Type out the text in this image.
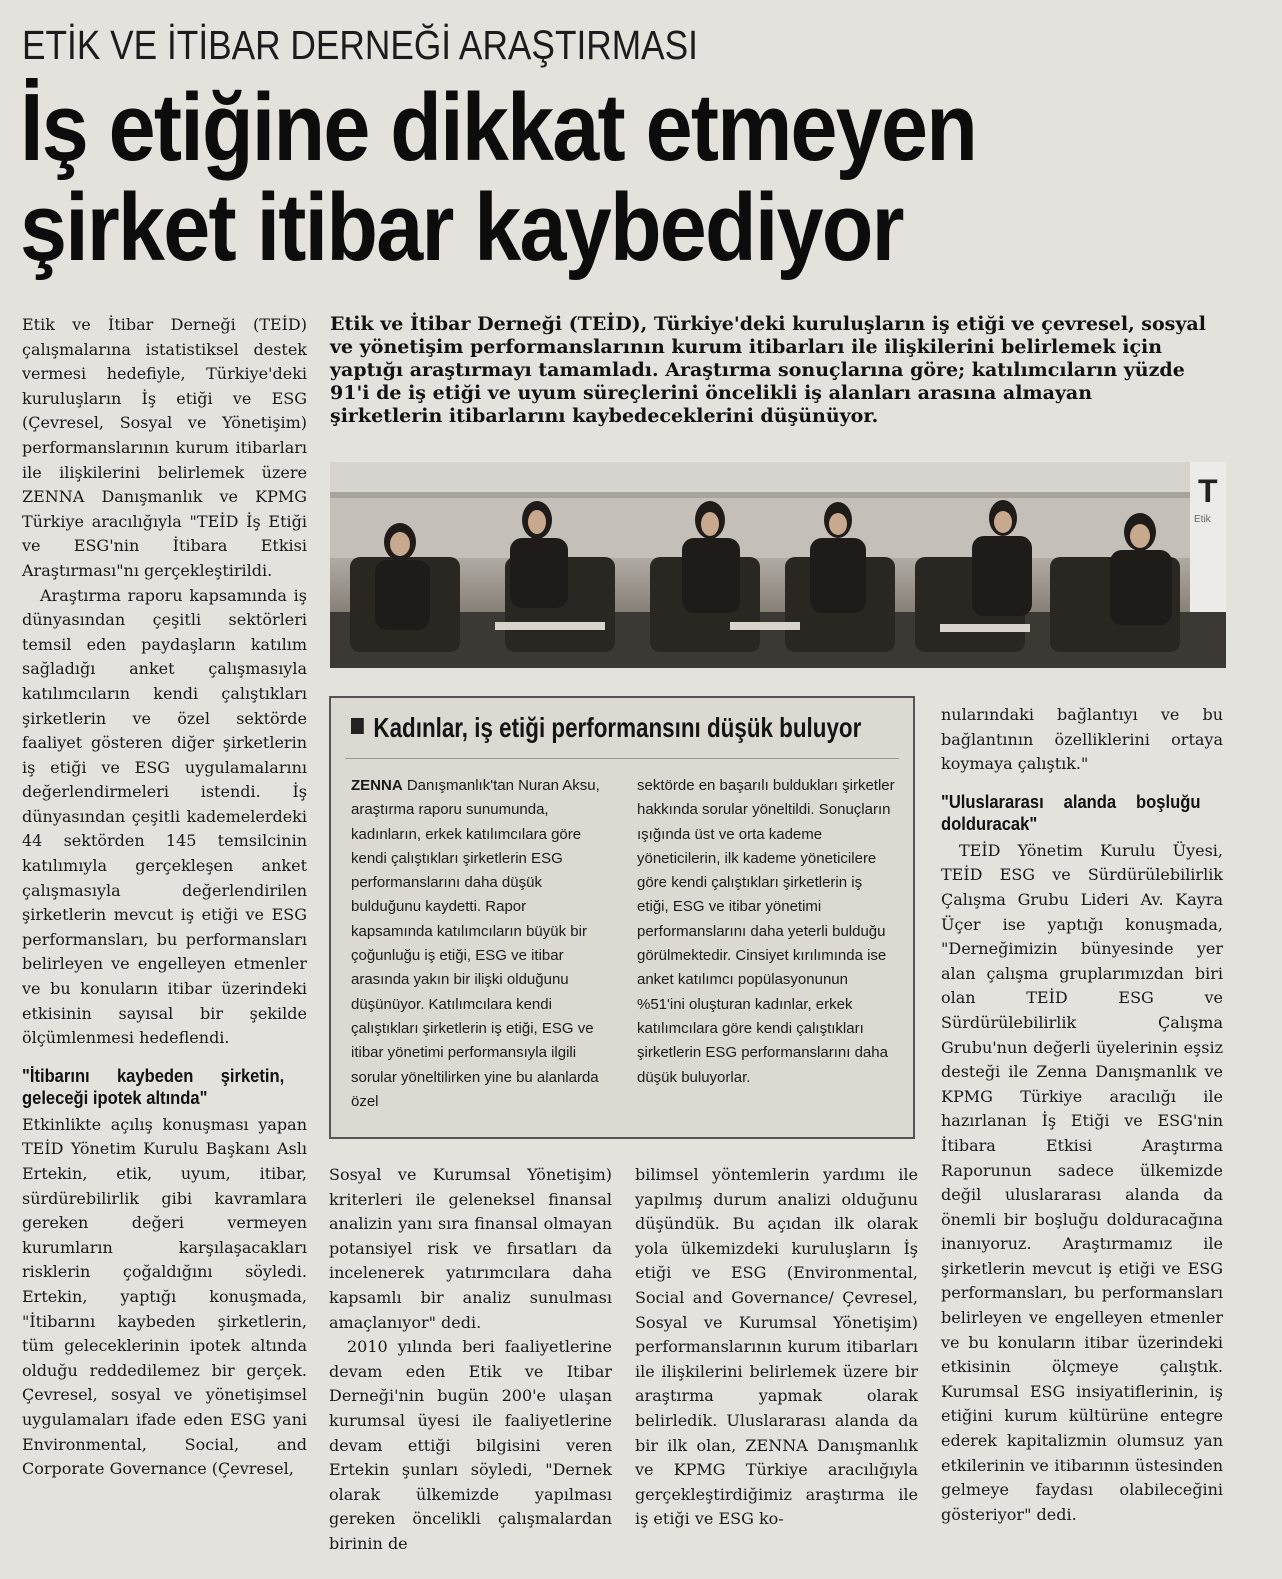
ETİK VE İTİBAR DERNEĞİ ARAŞTIRMASI
İş etiğine dikkat etmeyen
şirket itibar kaybediyor

Etik ve İtibar Derneği (TEİD) çalışmalarına istatistiksel destek vermesi hedefiyle, Türkiye'deki kuruluşların İş etiği ve ESG (Çevresel, Sosyal ve Yönetişim) performanslarının kurum itibarları ile ilişkilerini belirlemek üzere ZENNA Danışmanlık ve KPMG Türkiye aracılığıyla "TEİD İş Etiği ve ESG'nin İtibara Etkisi Araştırması"nı gerçekleştirildi.

Araştırma raporu kapsamında iş dünyasından çeşitli sektörleri temsil eden paydaşların katılım sağladığı anket çalışmasıyla katılımcıların kendi çalıştıkları şirketlerin ve özel sektörde faaliyet gösteren diğer şirketlerin iş etiği ve ESG uygulamalarını değerlendirmeleri istendi. İş dünyasından çeşitli kademelerdeki 44 sektörden 145 temsilcinin katılımıyla gerçekleşen anket çalışmasıyla değerlendirilen şirketlerin mevcut iş etiği ve ESG performansları, bu performansları belirleyen ve engelleyen etmenler ve bu konuların itibar üzerindeki etkisinin sayısal bir şekilde ölçümlenmesi hedeflendi.

"İtibarını kaybeden şirketin, geleceği ipotek altında"

Etkinlikte açılış konuşması yapan TEİD Yönetim Kurulu Başkanı Aslı Ertekin, etik, uyum, itibar, sürdürebilirlik gibi kavramlara gereken değeri vermeyen kurumların karşılaşacakları risklerin çoğaldığını söyledi. Ertekin, yaptığı konuşmada, "İtibarını kaybeden şirketlerin, tüm geleceklerinin ipotek altında olduğu reddedilemez bir gerçek. Çevresel, sosyal ve yönetişimsel uygulamaları ifade eden ESG yani Environmental, Social, and Corporate Governance (Çevresel,

Etik ve İtibar Derneği (TEİD), Türkiye'deki kuruluşların iş etiği ve çevresel, sosyal ve yönetişim performanslarının kurum itibarları ile ilişkilerini belirlemek için yaptığı araştırmayı tamamladı. Araştırma sonuçlarına göre; katılımcıların yüzde 91'i de iş etiği ve uyum süreçlerini öncelikli iş alanları arasına almayan şirketlerin itibarlarını kaybedeceklerini düşünüyor.
T
Etik
Kadınlar, iş etiği performansını düşük buluyor

ZENNA Danışmanlık'tan Nuran Aksu, araştırma raporu sunumunda, kadınların, erkek katılımcılara göre kendi çalıştıkları şirketlerin ESG performanslarını daha düşük bulduğunu kaydetti. Rapor kapsamında katılımcıların büyük bir çoğunluğu iş etiği, ESG ve itibar arasında yakın bir ilişki olduğunu düşünüyor. Katılımcılara kendi çalıştıkları şirketlerin iş etiği, ESG ve itibar yönetimi performansıyla ilgili sorular yöneltilirken yine bu alanlarda özel

sektörde en başarılı buldukları şirketler hakkında sorular yöneltildi. Sonuçların ışığında üst ve orta kademe yöneticilerin, ilk kademe yöneticilere göre kendi çalıştıkları şirketlerin iş etiği, ESG ve itibar yönetimi performanslarını daha yeterli bulduğu görülmektedir. Cinsiyet kırılımında ise anket katılımcı popülasyonunun %51'ini oluşturan kadınlar, erkek katılımcılara göre kendi çalıştıkları şirketlerin ESG performanslarını daha düşük buluyorlar.

nularındaki bağlantıyı ve bu bağlantının özelliklerini ortaya koymaya çalıştık."

"Uluslararası alanda boşluğu dolduracak"

TEİD Yönetim Kurulu Üyesi, TEİD ESG ve Sürdürülebilirlik Çalışma Grubu Lideri Av. Kayra Üçer ise yaptığı konuşmada, "Derneğimizin bünyesinde yer alan çalışma gruplarımızdan biri olan TEİD ESG ve Sürdürülebilirlik Çalışma Grubu'nun değerli üyelerinin eşsiz desteği ile Zenna Danışmanlık ve KPMG Türkiye aracılığı ile hazırlanan İş Etiği ve ESG'nin İtibara Etkisi Araştırma Raporunun sadece ülkemizde değil uluslararası alanda da önemli bir boşluğu dolduracağına inanıyoruz. Araştırmamız ile şirketlerin mevcut iş etiği ve ESG performansları, bu performansları belirleyen ve engelleyen etmenler ve bu konuların itibar üzerindeki etkisinin ölçmeye çalıştık. Kurumsal ESG insiyatiflerinin, iş etiğini kurum kültürüne entegre ederek kapitalizmin olumsuz yan etkilerinin ve itibarının üstesinden gelmeye faydası olabileceğini gösteriyor" dedi.

Sosyal ve Kurumsal Yönetişim) kriterleri ile geleneksel finansal analizin yanı sıra finansal olmayan potansiyel risk ve fırsatları da incelenerek yatırımcılara daha kapsamlı bir analiz sunulması amaçlanıyor" dedi.

2010 yılında beri faaliyetlerine devam eden Etik ve Itibar Derneği'nin bugün 200'e ulaşan kurumsal üyesi ile faaliyetlerine devam ettiği bilgisini veren Ertekin şunları söyledi, "Dernek olarak ülkemizde yapılması gereken öncelikli çalışmalardan birinin de

bilimsel yöntemlerin yardımı ile yapılmış durum analizi olduğunu düşündük. Bu açıdan ilk olarak yola ülkemizdeki kuruluşların İş etiği ve ESG (Environmental, Social and Governance/ Çevresel, Sosyal ve Kurumsal Yönetişim) performanslarının kurum itibarları ile ilişkilerini belirlemek üzere bir araştırma yapmak olarak belirledik. Uluslararası alanda da bir ilk olan, ZENNA Danışmanlık ve KPMG Türkiye aracılığıyla gerçekleştirdiğimiz araştırma ile iş etiği ve ESG ko-
